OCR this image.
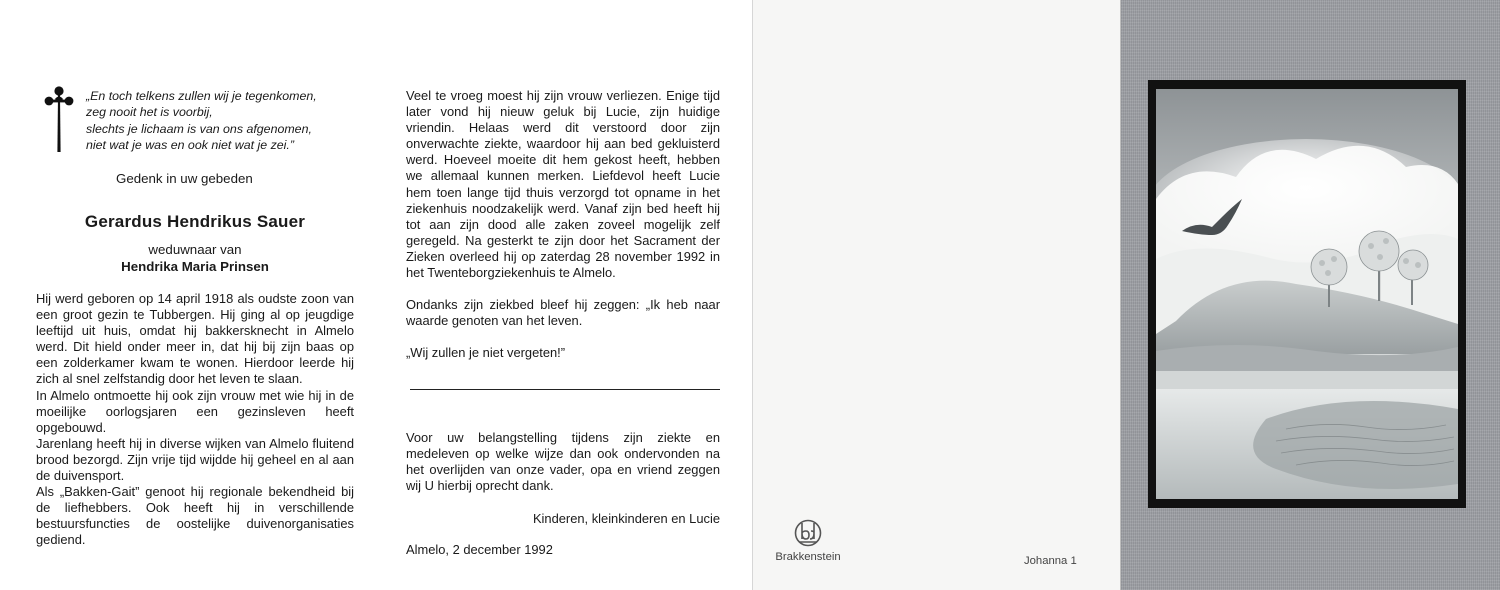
„En toch telkens zullen wij je tegenkomen,
zeg nooit het is voorbij,
slechts je lichaam is van ons afgenomen,
niet wat je was en ook niet wat je zei.”
Gedenk in uw gebeden
Gerardus Hendrikus Sauer
weduwnaar van
Hendrika Maria Prinsen
Hij werd geboren op 14 april 1918 als oudste zoon van een groot gezin te Tubbergen. Hij ging al op jeugdige leeftijd uit huis, omdat hij bakkersknecht in Almelo werd. Dit hield onder meer in, dat hij bij zijn baas op een zolderkamer kwam te wonen. Hierdoor leerde hij zich al snel zelfstandig door het leven te slaan.
In Almelo ontmoette hij ook zijn vrouw met wie hij in de moeilijke oorlogsjaren een gezinsleven heeft opgebouwd.
Jarenlang heeft hij in diverse wijken van Almelo fluitend brood bezorgd. Zijn vrije tijd wijdde hij geheel en al aan de duivensport.
Als „Bakken-Gait” genoot hij regionale bekendheid bij de liefhebbers. Ook heeft hij in verschillende bestuursfuncties de oostelijke duivenorganisaties gediend.
Veel te vroeg moest hij zijn vrouw verliezen. Enige tijd later vond hij nieuw geluk bij Lucie, zijn huidige vriendin. Helaas werd dit verstoord door zijn onverwachte ziekte, waardoor hij aan bed gekluisterd werd. Hoeveel moeite dit hem gekost heeft, hebben we allemaal kunnen merken. Liefdevol heeft Lucie hem toen lange tijd thuis verzorgd tot opname in het ziekenhuis noodzakelijk werd. Vanaf zijn bed heeft hij tot aan zijn dood alle zaken zoveel mogelijk zelf geregeld. Na gesterkt te zijn door het Sacrament der Zieken overleed hij op zaterdag 28 november 1992 in het Twenteborgziekenhuis te Almelo.
Ondanks zijn ziekbed bleef hij zeggen: „Ik heb naar waarde genoten van het leven.
„Wij zullen je niet vergeten!”
Voor uw belangstelling tijdens zijn ziekte en medeleven op welke wijze dan ook ondervonden na het overlijden van onze vader, opa en vriend zeggen wij U hierbij oprecht dank.
Kinderen, kleinkinderen en Lucie
Almelo, 2 december 1992	Brakkenstein	Johanna 1
